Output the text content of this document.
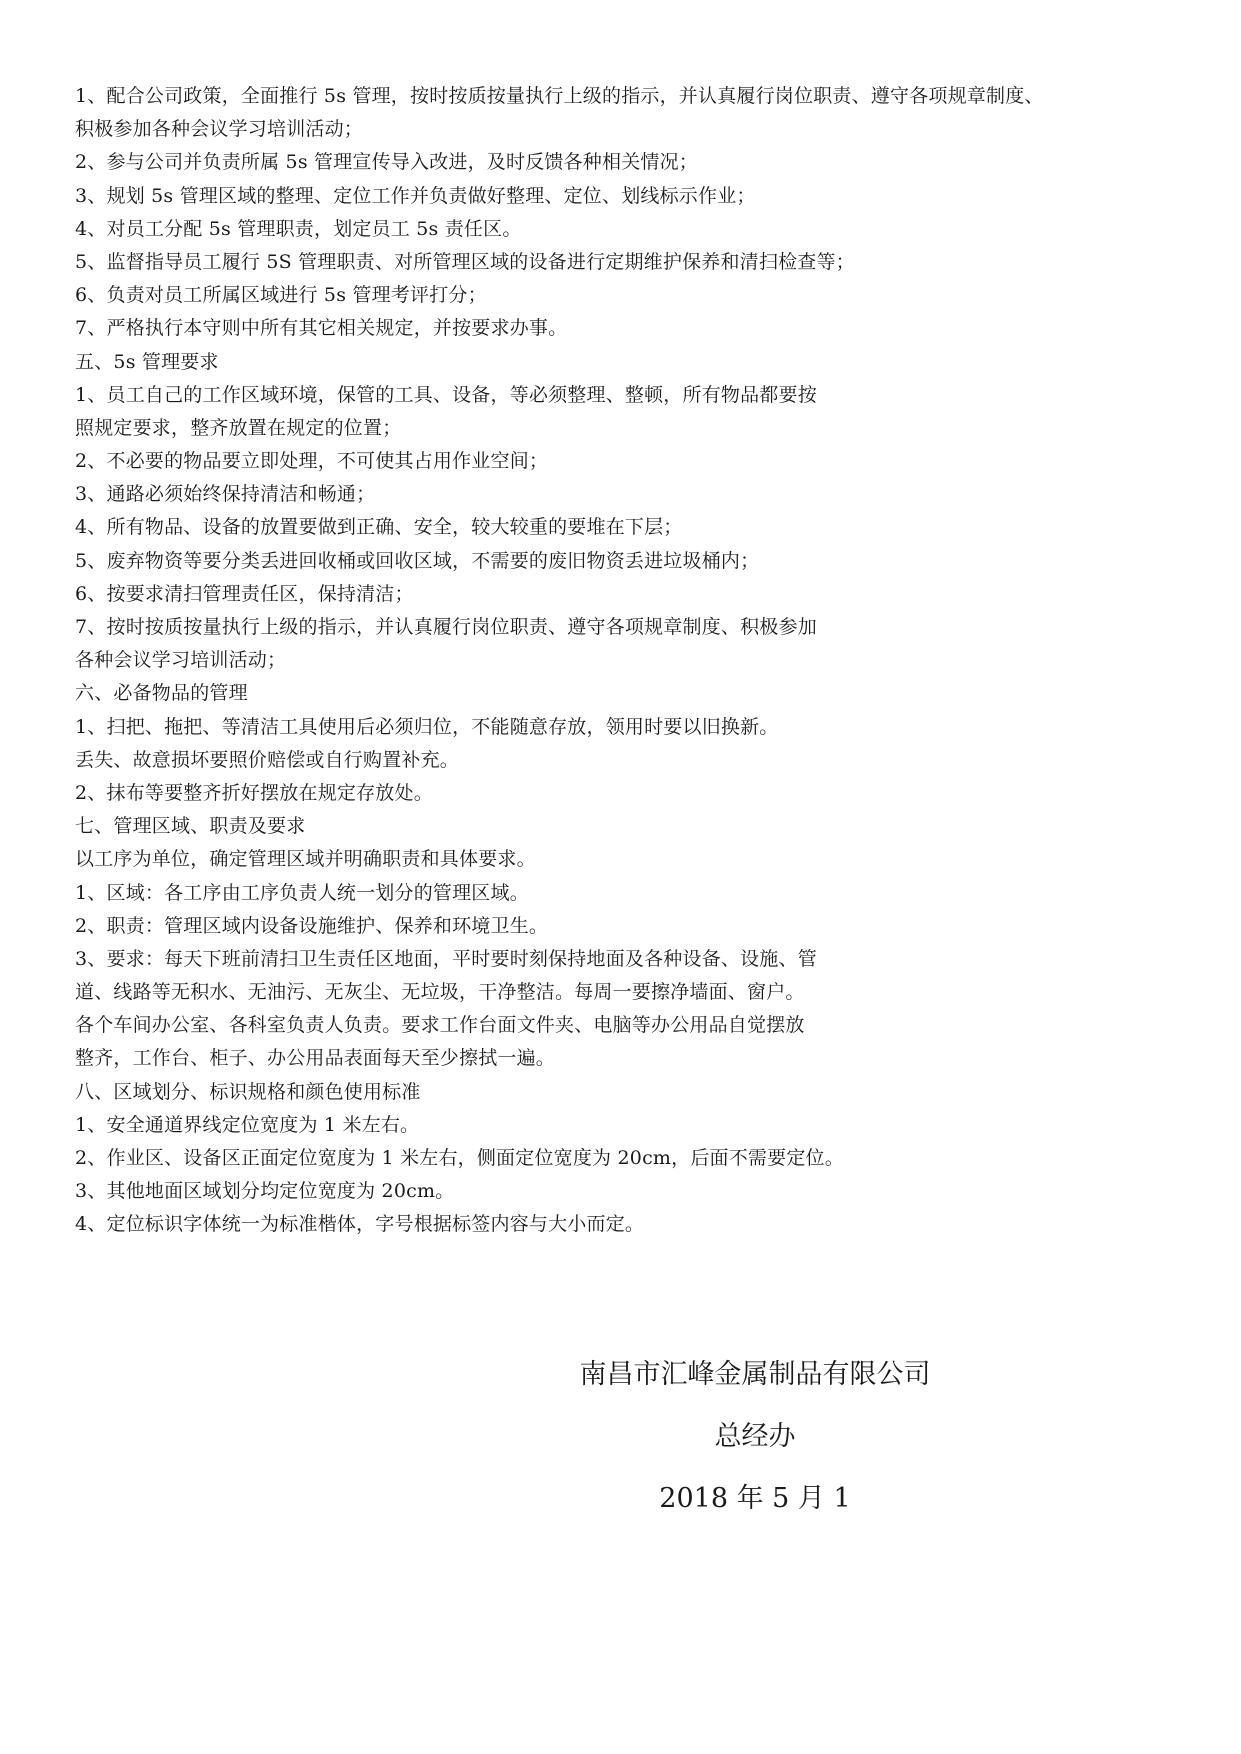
1、配合公司政策，全面推行 5s 管理，按时按质按量执行上级的指示，并认真履行岗位职责、遵守各项规章制度、
积极参加各种会议学习培训活动；
2、参与公司并负责所属 5s 管理宣传导入改进，及时反馈各种相关情况；
3、规划 5s 管理区域的整理、定位工作并负责做好整理、定位、划线标示作业；
4、对员工分配 5s 管理职责，划定员工 5s 责任区。
5、监督指导员工履行 5S 管理职责、对所管理区域的设备进行定期维护保养和清扫检查等；
6、负责对员工所属区域进行 5s 管理考评打分；
7、严格执行本守则中所有其它相关规定，并按要求办事。
五、5s 管理要求
1、员工自己的工作区域环境，保管的工具、设备，等必须整理、整顿，所有物品都要按
照规定要求，整齐放置在规定的位置；
2、不必要的物品要立即处理，不可使其占用作业空间；
3、通路必须始终保持清洁和畅通；
4、所有物品、设备的放置要做到正确、安全，较大较重的要堆在下层；
5、废弃物资等要分类丢进回收桶或回收区域，不需要的废旧物资丢进垃圾桶内；
6、按要求清扫管理责任区，保持清洁；
7、按时按质按量执行上级的指示，并认真履行岗位职责、遵守各项规章制度、积极参加
各种会议学习培训活动；
六、必备物品的管理
1、扫把、拖把、等清洁工具使用后必须归位，不能随意存放，领用时要以旧换新。
丢失、故意损坏要照价赔偿或自行购置补充。
2、抹布等要整齐折好摆放在规定存放处。
七、管理区域、职责及要求
以工序为单位，确定管理区域并明确职责和具体要求。
1、区域：各工序由工序负责人统一划分的管理区域。
2、职责：管理区域内设备设施维护、保养和环境卫生。
3、要求：每天下班前清扫卫生责任区地面，平时要时刻保持地面及各种设备、设施、管
道、线路等无积水、无油污、无灰尘、无垃圾，干净整洁。每周一要擦净墙面、窗户。
各个车间办公室、各科室负责人负责。要求工作台面文件夹、电脑等办公用品自觉摆放
整齐，工作台、柜子、办公用品表面每天至少擦拭一遍。
八、区域划分、标识规格和颜色使用标准
1、安全通道界线定位宽度为 1 米左右。
2、作业区、设备区正面定位宽度为 1 米左右，侧面定位宽度为 20cm，后面不需要定位。
3、其他地面区域划分均定位宽度为 20cm。
4、定位标识字体统一为标准楷体，字号根据标签内容与大小而定。
南昌市汇峰金属制品有限公司
总经办
2018 年 5 月 1
